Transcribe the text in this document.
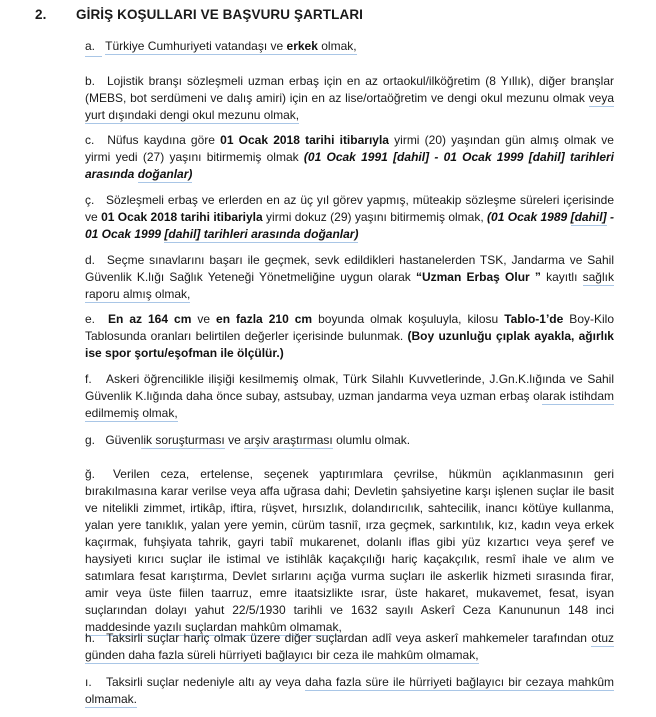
2. GİRİŞ KOŞULLARI VE BAŞVURU ŞARTLARI
a. Türkiye Cumhuriyeti vatandaşı ve erkek olmak,
b. Lojistik branşı sözleşmeli uzman erbaş için en az ortaokul/ilköğretim (8 Yıllık), diğer branşlar (MEBS, bot serdümeni ve dalış amiri) için en az lise/ortaöğretim ve dengi okul mezunu olmak veya yurt dışındaki dengi okul mezunu olmak,
c. Nüfus kaydına göre 01 Ocak 2018 tarihi itibarıyla yirmi (20) yaşından gün almış olmak ve yirmi yedi (27) yaşını bitirmemiş olmak (01 Ocak 1991 [dahil] - 01 Ocak 1999 [dahil] tarihleri arasında doğanlar)
ç. Sözleşmeli erbaş ve erlerden en az üç yıl görev yapmış, müteakip sözleşme süreleri içerisinde ve 01 Ocak 2018 tarihi itibariyla yirmi dokuz (29) yaşını bitirmemiş olmak, (01 Ocak 1989 [dahil] - 01 Ocak 1999 [dahil] tarihleri arasında doğanlar)
d. Seçme sınavlarını başarı ile geçmek, sevk edildikleri hastanelerden TSK, Jandarma ve Sahil Güvenlik K.lığı Sağlık Yeteneği Yönetmeliğine uygun olarak “Uzman Erbaş Olur ” kayıtlı sağlık raporu almış olmak,
e. En az 164 cm ve en fazla 210 cm boyunda olmak koşuluyla, kilosu Tablo-1’de Boy-Kilo Tablosunda oranları belirtilen değerler içerisinde bulunmak. (Boy uzunluğu çıplak ayakla, ağırlık ise spor şortu/eşofman ile ölçülür.)
f. Askeri öğrencilikle ilişiği kesilmemiş olmak, Türk Silahlı Kuvvetlerinde, J.Gn.K.lığında ve Sahil Güvenlik K.lığında daha önce subay, astsubay, uzman jandarma veya uzman erbaş olarak istihdam edilmemiş olmak,
g. Güvenlik soruşturması ve arşiv araştırması olumlu olmak.
ğ. Verilen ceza, ertelense, seçenek yaptırımlara çevrilse, hükmün açıklanmasının geri bırakılmasına karar verilse veya affa uğrasa dahi; Devletin şahsiyetine karşı işlenen suçlar ile basit ve nitelikli zimmet, irtikâp, iftira, rüşvet, hırsızlık, dolandırıcılık, sahtecilik, inancı kötüye kullanma, yalan yere tanıklık, yalan yere yemin, cürüm tasniî, ırza geçmek, sarkıntılık, kız, kadın veya erkek kaçırmak, fuhşiyata tahrik, gayri tabiî mukarenet, dolanlı iflas gibi yüz kızartıcı veya şeref ve haysiyeti kırıcı suçlar ile istimal ve istihlâk kaçakçılığı hariç kaçakçılık, resmî ihale ve alım ve satımlara fesat karıştırma, Devlet sırlarını açığa vurma suçları ile askerlik hizmeti sırasında firar, amir veya üste fiilen taarruz, emre itaatsizlikte ısrar, üste hakaret, mukavemet, fesat, isyan suçlarından dolayı yahut 22/5/1930 tarihli ve 1632 sayılı Askerî Ceza Kanununun 148 inci maddesinde yazılı suçlardan mahkûm olmamak,
h. Taksirli suçlar hariç olmak üzere diğer suçlardan adlî veya askerî mahkemeler tarafından otuz günden daha fazla süreli hürriyeti bağlayıcı bir ceza ile mahkûm olmamak,
ı. Taksirli suçlar nedeniyle altı ay veya daha fazla süre ile hürriyeti bağlayıcı bir cezaya mahkûm olmamak.
